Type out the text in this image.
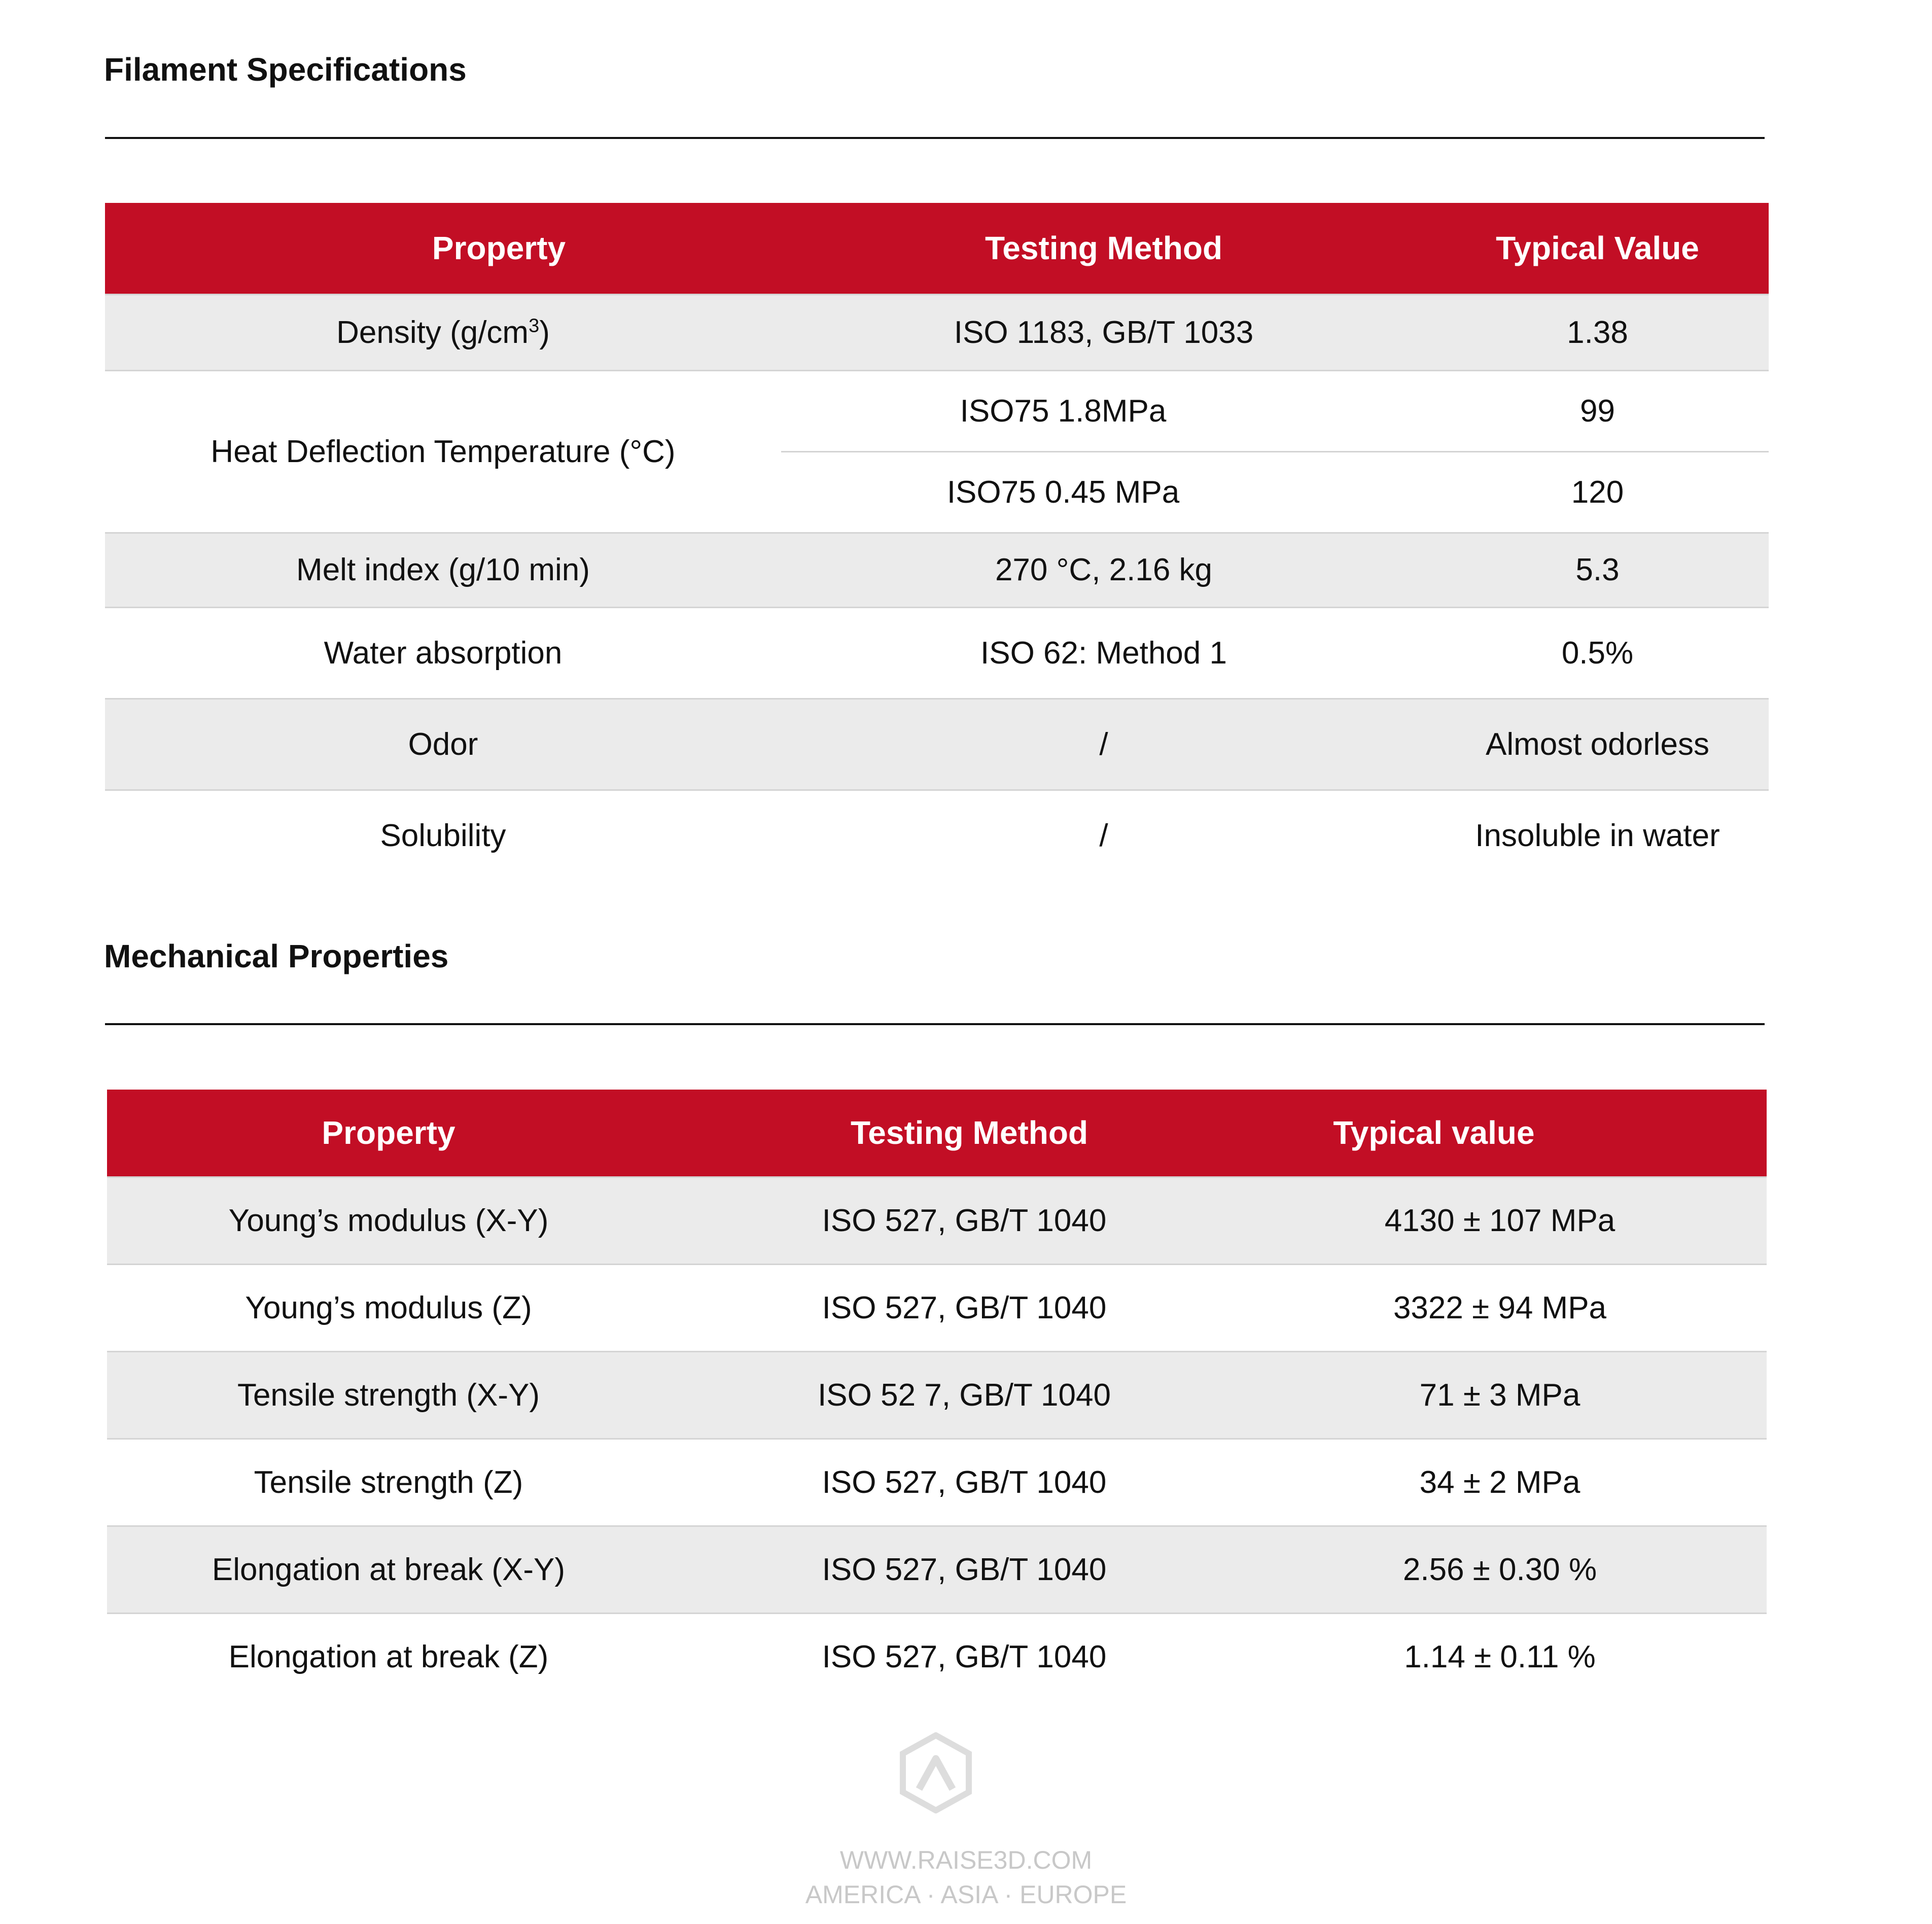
Filament Specifications
Property	Testing Method	Typical Value
Density $(g/cm^3)$	ISO 1183, GB/T 1033	1.38
Heat Deflection Temperature (°C)	ISO75 1.8MPa	99
	ISO75 0.45 MPa	120
Melt index (g/10 min)	270 °C, 2.16 kg	5.3
Water absorption	ISO 62: Method 1	0.5%
Odor	/	Almost odorless
Solubility	/	Insoluble in water
Mechanical Properties
Property	Testing Method	Typical value
Young’s modulus (X-Y)	ISO 527, GB/T 1040	4130 ± 107 MPa
Young’s modulus (Z)	ISO 527, GB/T 1040	3322 ± 94 MPa
Tensile strength (X-Y)	ISO 52 7, GB/T 1040	71 ± 3 MPa
Tensile strength (Z)	ISO 527, GB/T 1040	34 ± 2 MPa
Elongation at break (X-Y)	ISO 527, GB/T 1040	2.56 ± 0.30 %
Elongation at break (Z)	ISO 527, GB/T 1040	1.14 ± 0.11 %
WWW.RAISE3D.COM
AMERICA · ASIA · EUROPE
